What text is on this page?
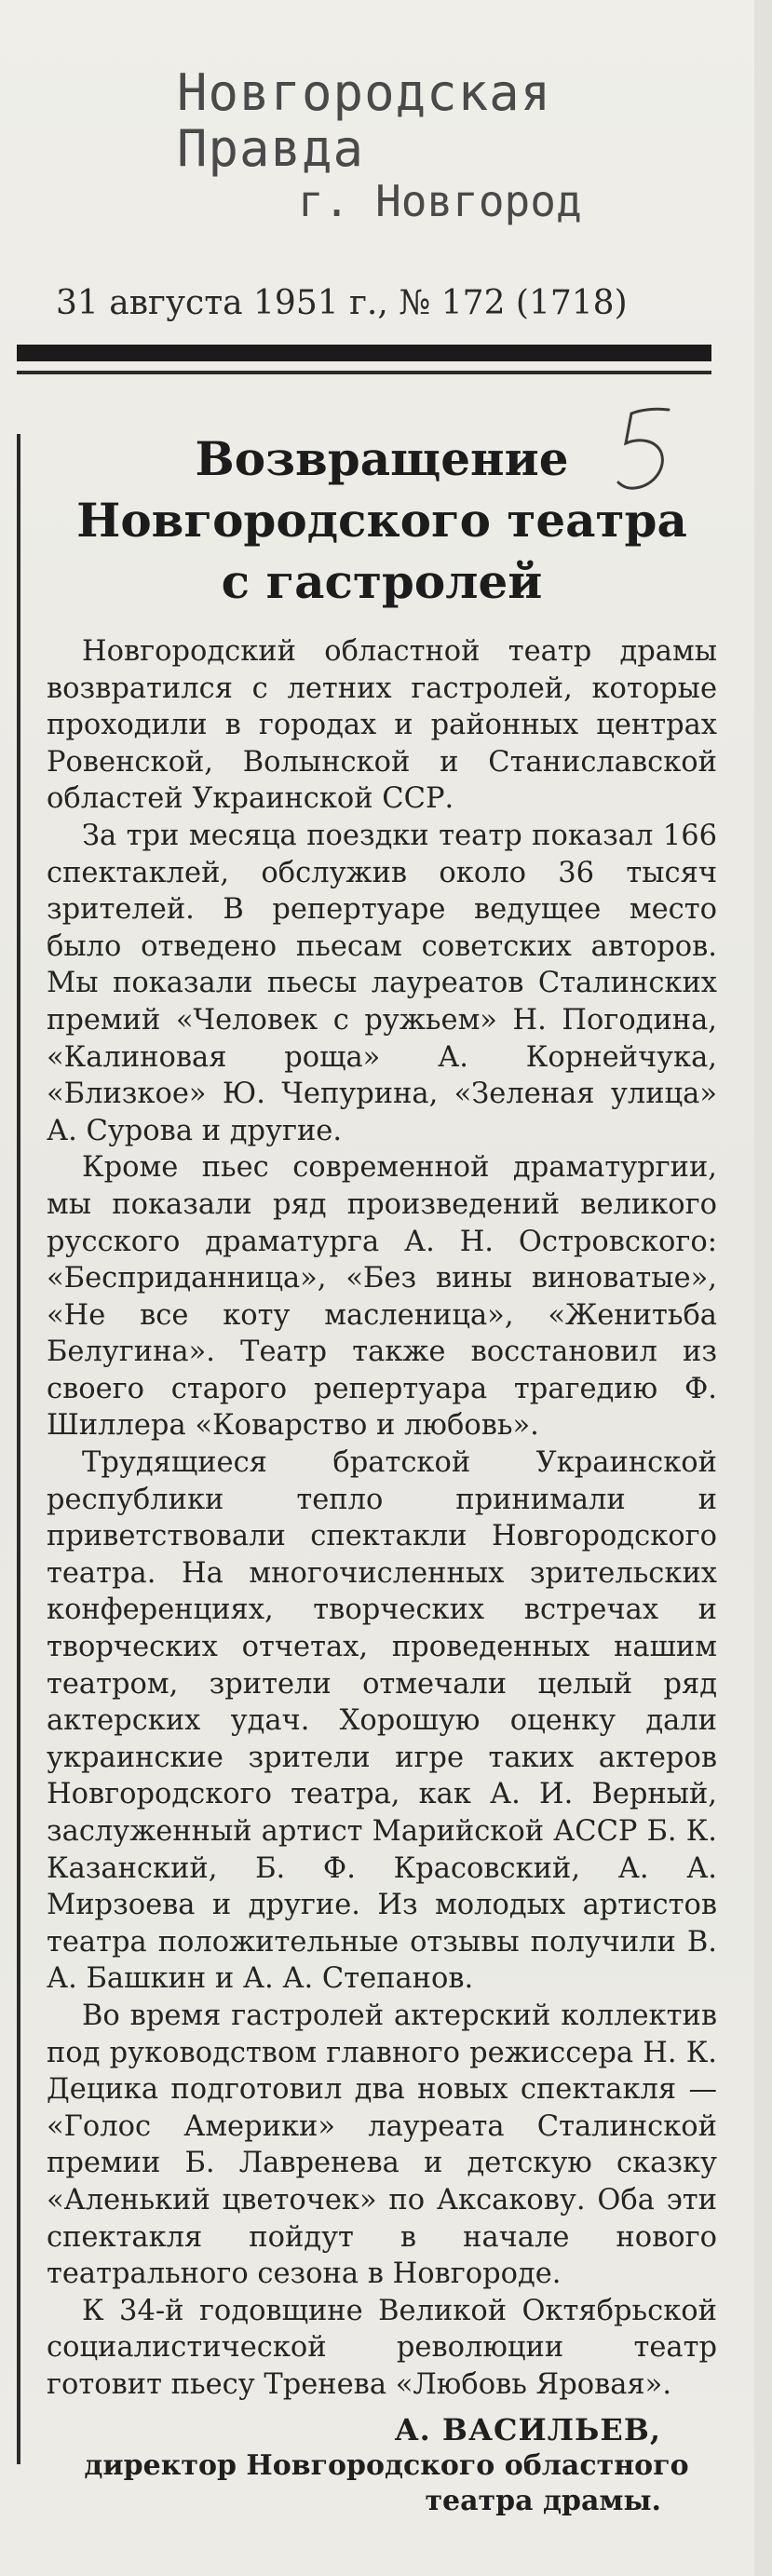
Новгородская Правда
г. Новгород
31 августа 1951 г., № 172 (1718)
Возвращение
Новгородского театра
с гастролей

Новгородский областной театр драмы возвратился с летних гастролей, которые проходили в городах и районных центрах Ровенской, Волынской и Станиславской областей Украинской ССР.

За три месяца поездки театр показал 166 спектаклей, обслужив около 36 тысяч зрителей. В репертуаре ведущее место было отведено пьесам советских авторов. Мы показали пьесы лауреатов Сталинских премий «Человек с ружьем» Н. Погодина, «Калиновая роща» А. Корнейчука, «Близкое» Ю. Чепурина, «Зеленая улица» А. Сурова и другие.

Кроме пьес современной драматургии, мы показали ряд произведений великого русского драматурга А. Н. Островского: «Бесприданница», «Без вины виноватые», «Не все коту масленица», «Женитьба Белугина». Театр также восстановил из своего старого репертуара трагедию Ф. Шиллера «Коварство и любовь».

Трудящиеся братской Украинской республики тепло принимали и приветствовали спектакли Новгородского театра. На многочисленных зрительских конференциях, творческих встречах и творческих отчетах, проведенных нашим театром, зрители отмечали целый ряд актерских удач. Хорошую оценку дали украинские зрители игре таких актеров Новгородского театра, как А. И. Верный, заслуженный артист Марийской АССР Б. К. Казанский, Б. Ф. Красовский, А. А. Мирзоева и другие. Из молодых артистов театра положительные отзывы получили В. А. Башкин и А. А. Степанов.

Во время гастролей актерский коллектив под руководством главного режиссера Н. К. Децика подготовил два новых спектакля — «Голос Америки» лауреата Сталинской премии Б. Лавренева и детскую сказку «Аленький цветочек» по Аксакову. Оба эти спектакля пойдут в начале нового театрального сезона в Новгороде.

К 34-й годовщине Великой Октябрьской социалистической революции театр готовит пьесу Тренева «Любовь Яровая».

А. ВАСИЛЬЕВ,
директор Новгородского областного
театра драмы.
